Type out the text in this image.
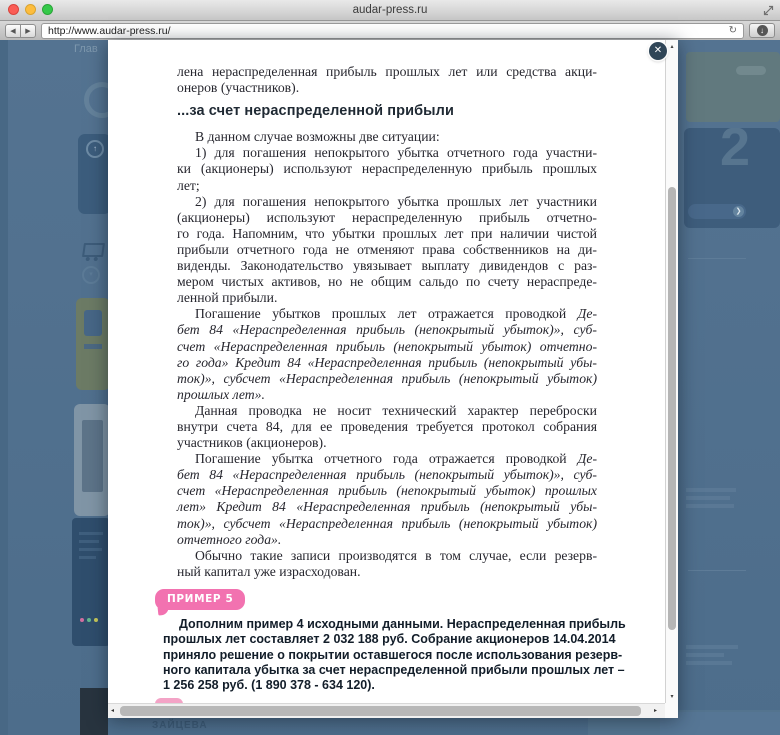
audar-press.ru
◀ ▶ http://www.audar-press.ru/	↻	↓
Глав
↑
▾
ЗАЙЦЕВА
2
❯
✕
лена нераспределенная прибыль прошлых лет или средства акци-
онеров (участников).
...за счет нераспределенной прибыли
В данном случае возможны две ситуации:
1) для погашения непокрытого убытка отчетного года участни-
ки (акционеры) используют нераспределенную прибыль прошлых
лет;
2) для погашения непокрытого убытка прошлых лет участники
(акционеры) используют нераспределенную прибыль отчетно-
го года. Напомним, что убытки прошлых лет при наличии чистой
прибыли отчетного года не отменяют права собственников на ди-
виденды. Законодательство увязывает выплату дивидендов с раз-
мером чистых активов, но не общим сальдо по счету нераспреде-
ленной прибыли.
Погашение убытков прошлых лет отражается проводкой Де-
бет 84 «Нераспределенная прибыль (непокрытый убыток)», суб-
счет «Нераспределенная прибыль (непокрытый убыток) отчетно-
го года» Кредит 84 «Нераспределенная прибыль (непокрытый убы-
ток)», субсчет «Нераспределенная прибыль (непокрытый убыток)
прошлых лет».
Данная проводка не носит технический характер переброски
внутри счета 84, для ее проведения требуется протокол собрания
участников (акционеров).
Погашение убытка отчетного года отражается проводкой Де-
бет 84 «Нераспределенная прибыль (непокрытый убыток)», суб-
счет «Нераспределенная прибыль (непокрытый убыток) прошлых
лет» Кредит 84 «Нераспределенная прибыль (непокрытый убы-
ток)», субсчет «Нераспределенная прибыль (непокрытый убыток)
отчетного года».
Обычно такие записи производятся в том случае, если резерв-
ный капитал уже израсходован.
ПРИМЕР 5
Дополним пример 4 исходными данными. Нераспределенная прибыль
прошлых лет составляет 2 032 188 руб. Собрание акционеров 14.04.2014
приняло решение о покрытии оставшегося после использования резерв-
ного капитала убытка за счет нераспределенной прибыли прошлых лет –
1 256 258 руб. (1 890 378 - 634 120).
▴
▾
◂	▸
